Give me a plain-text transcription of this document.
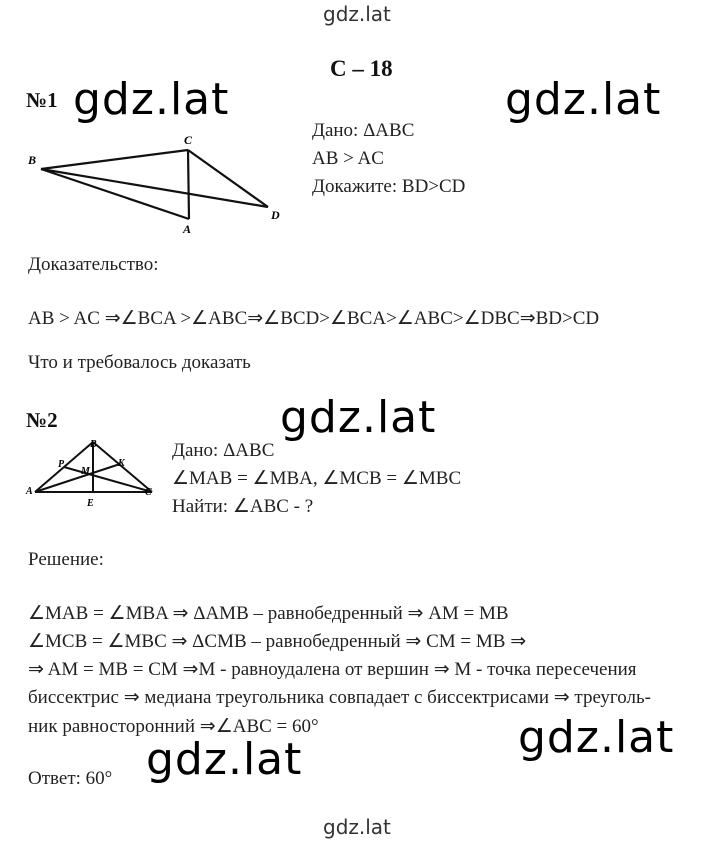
gdz.lat
gdz.lat	gdz.lat
gdz.lat
gdz.lat
gdz.lat
gdz.lat
С – 18
№1
B
C
A
D
Дано: ΔABC
AB > AC
Докажите: BD>CD
Доказательство:
AB > AC ⇒∠BCA >∠ABC⇒∠BCD>∠BCA>∠ABC>∠DBC⇒BD>CD
Что и требовалось доказать
№2
B
P
M
K
A
E
C
Дано: ΔABC
∠MAB = ∠MBA, ∠MCB = ∠MBC
Найти: ∠ABC - ?
Решение:
∠MAB = ∠MBA ⇒ ΔAMB – равнобедренный ⇒ AM = MB
∠MCB = ∠MBC ⇒ ΔCMB – равнобедренный ⇒ CM = MB ⇒
⇒ AM = MB = CM ⇒M - равноудалена от вершин ⇒ M - точка пересечения
биссектрис ⇒ медиана треугольника совпадает с биссектрисами ⇒ треуголь-
ник равносторонний ⇒∠ABC = 60°
Ответ: 60°
